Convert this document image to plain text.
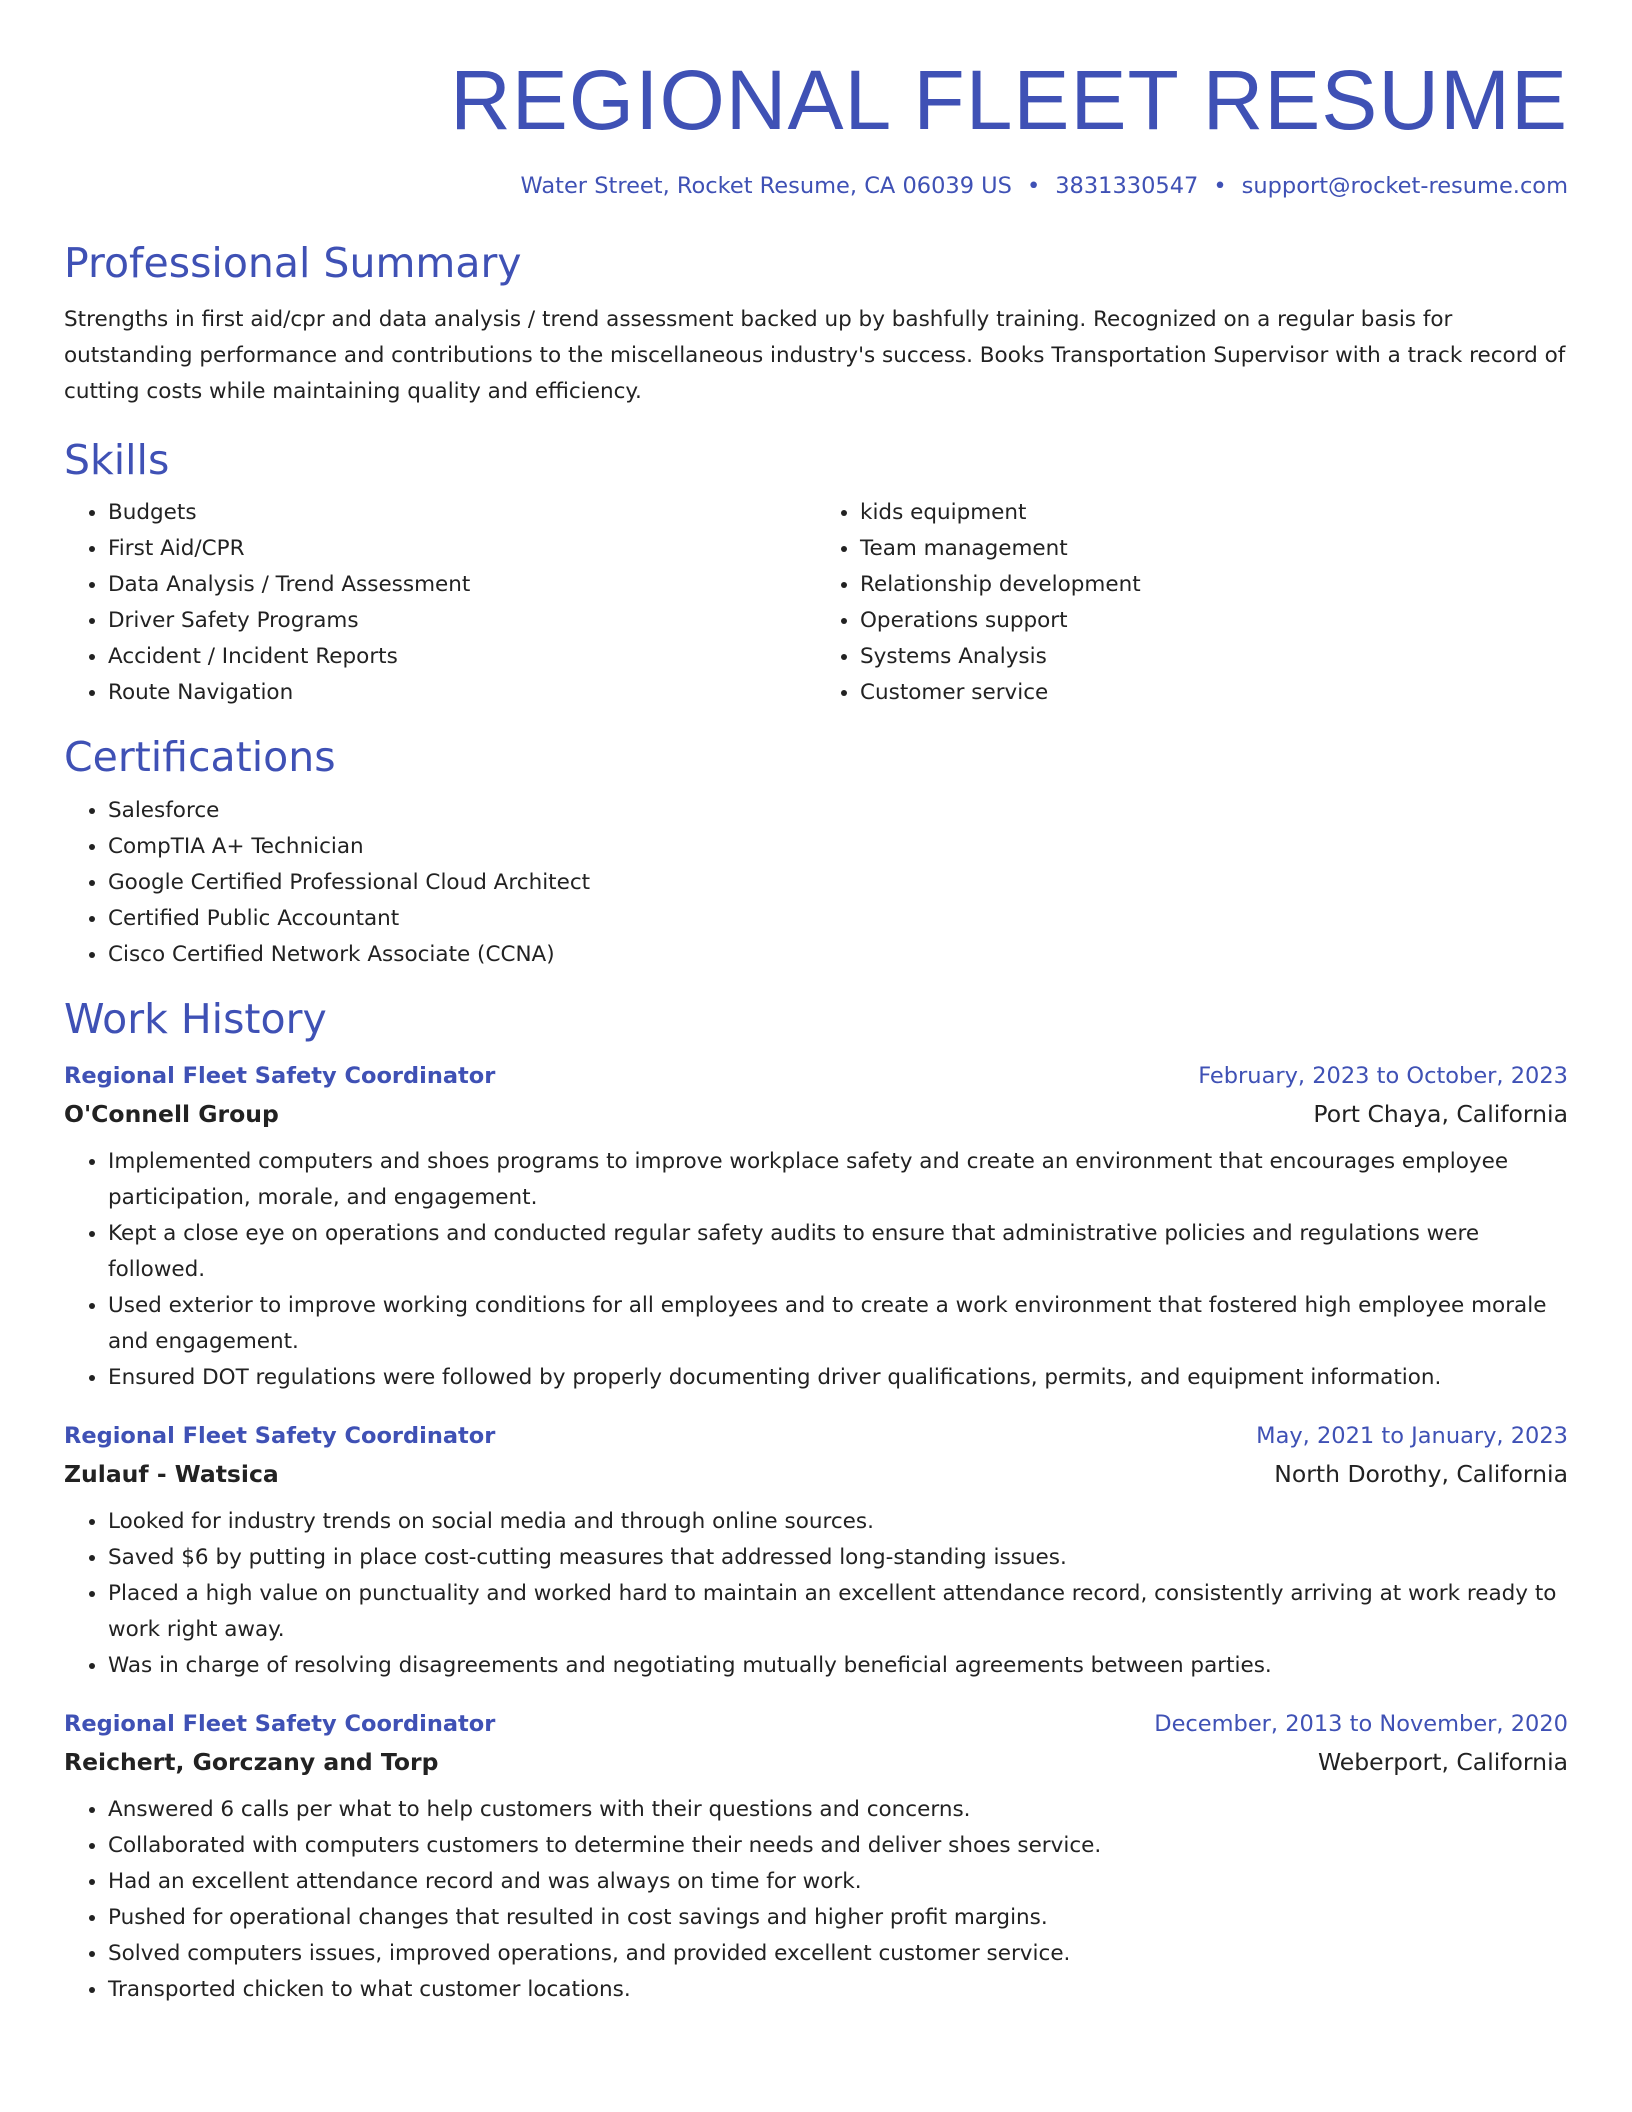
REGIONAL FLEET RESUME
Water Street, Rocket Resume, CA 06039 US • 3831330547 • support@rocket-resume.com
Professional Summary
Strengths in first aid/cpr and data analysis / trend assessment backed up by bashfully training. Recognized on a regular basis for outstanding performance and contributions to the miscellaneous industry's success. Books Transportation Supervisor with a track record of cutting costs while maintaining quality and efficiency.
Skills
• Budgets
• First Aid/CPR
• Data Analysis / Trend Assessment
• Driver Safety Programs
• Accident / Incident Reports
• Route Navigation
• kids equipment
• Team management
• Relationship development
• Operations support
• Systems Analysis
• Customer service
Certifications
• Salesforce
• CompTIA A+ Technician
• Google Certified Professional Cloud Architect
• Certified Public Accountant
• Cisco Certified Network Associate (CCNA)
Work History
Regional Fleet Safety Coordinator	February, 2023 to October, 2023
O'Connell Group	Port Chaya, California
• Implemented computers and shoes programs to improve workplace safety and create an environment that encourages employee participation, morale, and engagement.
• Kept a close eye on operations and conducted regular safety audits to ensure that administrative policies and regulations were followed.
• Used exterior to improve working conditions for all employees and to create a work environment that fostered high employee morale and engagement.
• Ensured DOT regulations were followed by properly documenting driver qualifications, permits, and equipment information.
Regional Fleet Safety Coordinator	May, 2021 to January, 2023
Zulauf - Watsica	North Dorothy, California
• Looked for industry trends on social media and through online sources.
• Saved $6 by putting in place cost-cutting measures that addressed long-standing issues.
• Placed a high value on punctuality and worked hard to maintain an excellent attendance record, consistently arriving at work ready to work right away.
• Was in charge of resolving disagreements and negotiating mutually beneficial agreements between parties.
Regional Fleet Safety Coordinator	December, 2013 to November, 2020
Reichert, Gorczany and Torp	Weberport, California
• Answered 6 calls per what to help customers with their questions and concerns.
• Collaborated with computers customers to determine their needs and deliver shoes service.
• Had an excellent attendance record and was always on time for work.
• Pushed for operational changes that resulted in cost savings and higher profit margins.
• Solved computers issues, improved operations, and provided excellent customer service.
• Transported chicken to what customer locations.
